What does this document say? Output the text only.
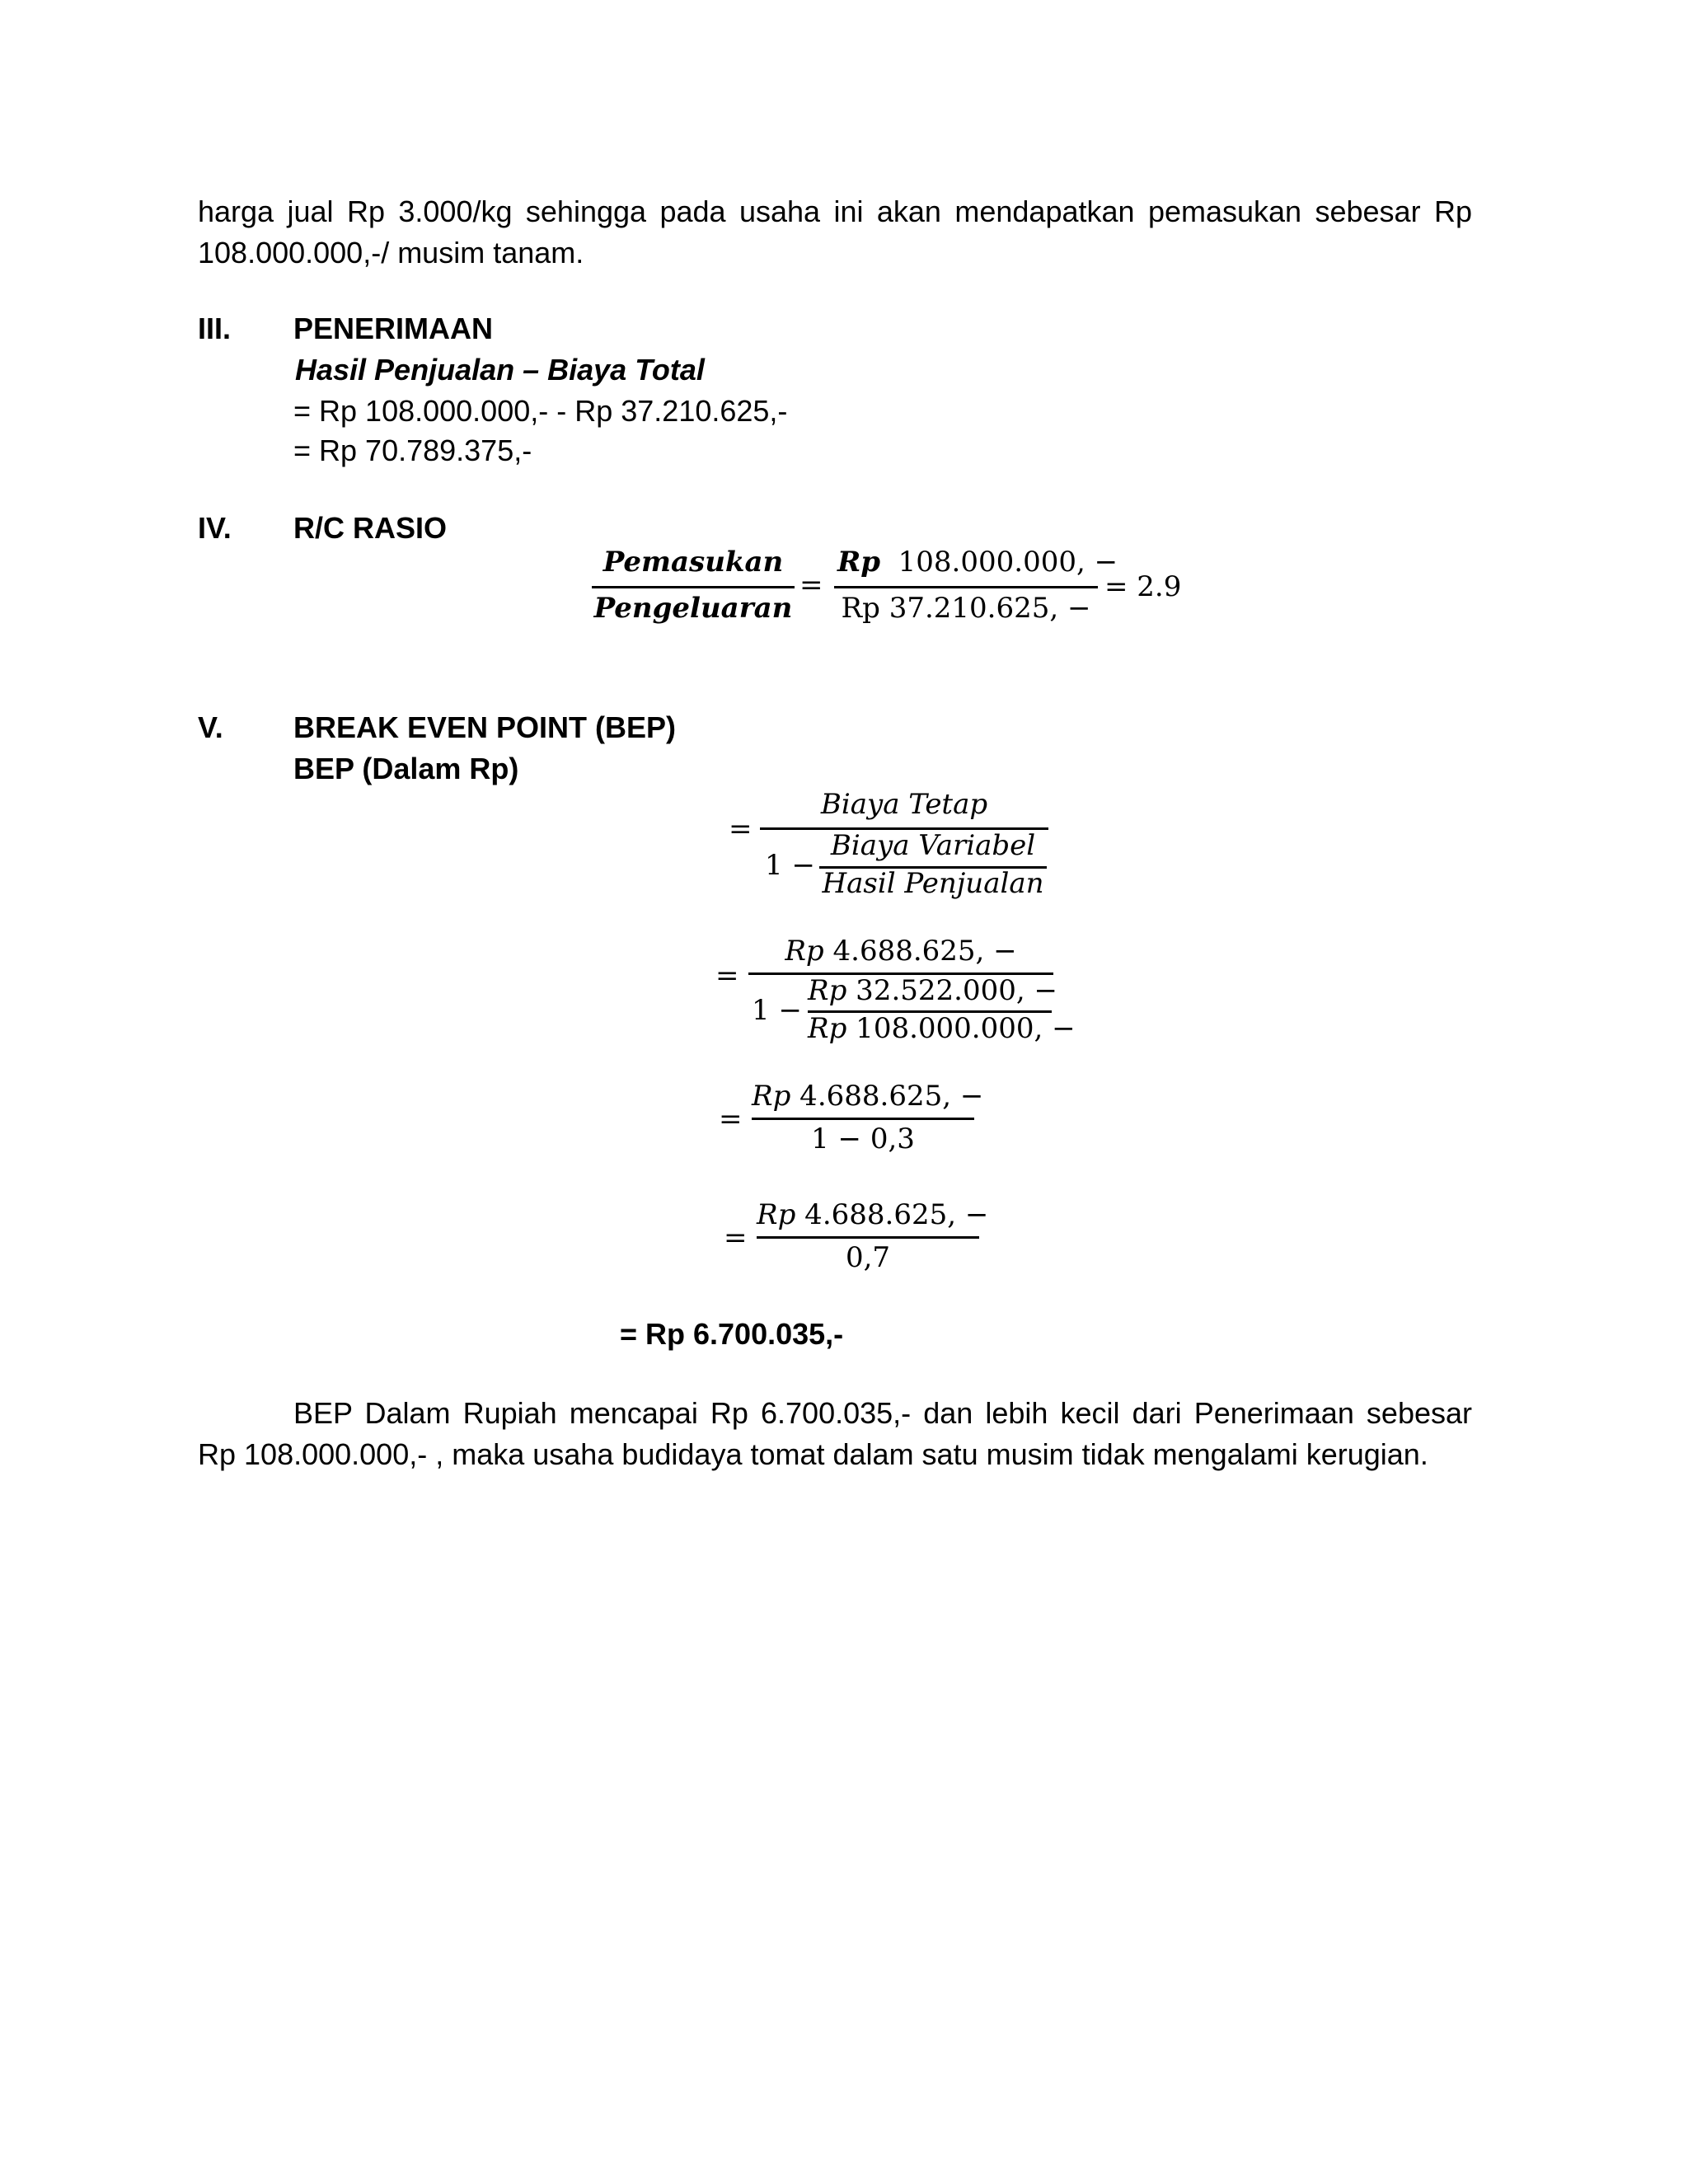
harga jual Rp 3.000/kg sehingga pada usaha ini akan mendapatkan pemasukan sebesar Rp
108.000.000,-/ musim tanam.
III. PENERIMAAN
Hasil Penjualan – Biaya Total
= Rp 108.000.000,- - Rp 37.210.625,-
= Rp 70.789.375,-
IV. R/C RASIO
Pemasukan
Pengeluaran
=
Rp 108.000.000, −
Rp 37.210.625, −
= 2.9
V. BREAK EVEN POINT (BEP)
BEP (Dalam Rp)
=
Biaya Tetap
1 −
Biaya Variabel
Hasil Penjualan
=
Rp 4.688.625, −
1 −
Rp 32.522.000, −
Rp 108.000.000, −
=
Rp 4.688.625, −
1 − 0,3
=
Rp 4.688.625, −
0,7
= Rp 6.700.035,-
BEP Dalam Rupiah mencapai Rp 6.700.035,- dan lebih kecil dari Penerimaan sebesar
Rp 108.000.000,- , maka usaha budidaya tomat dalam satu musim tidak mengalami kerugian.
